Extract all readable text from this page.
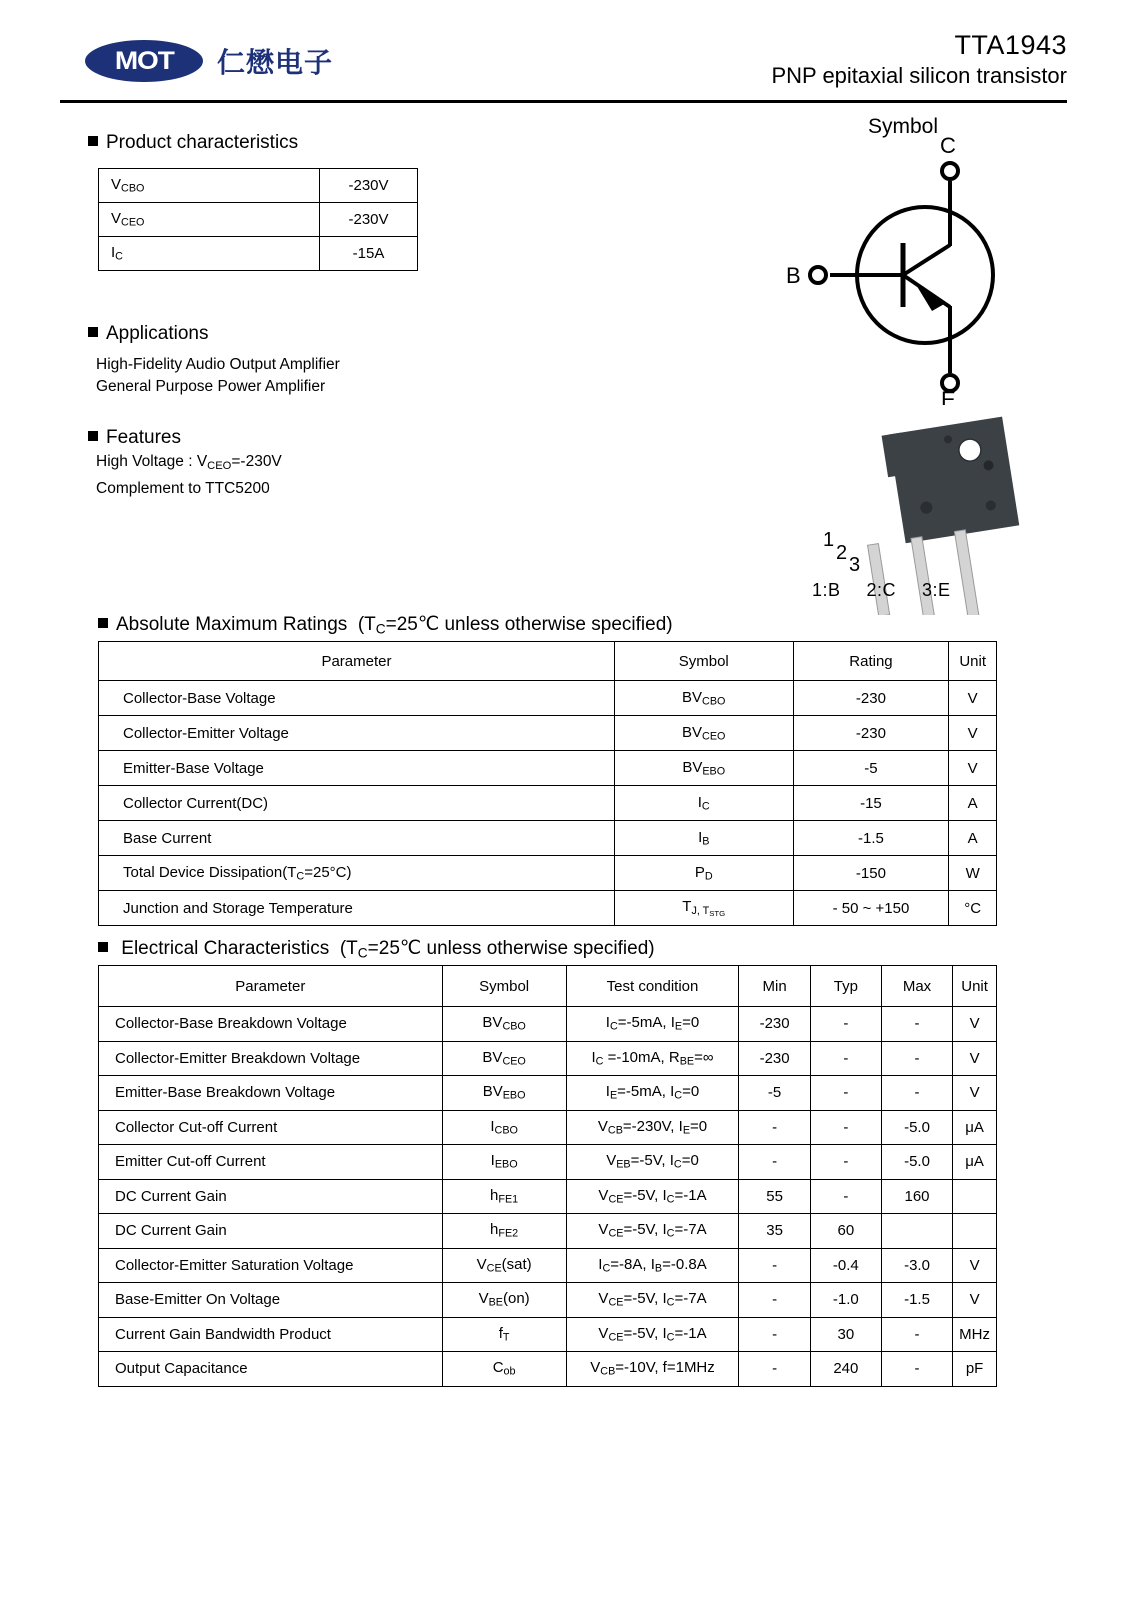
MOT 仁懋电子
TTA1943
PNP epitaxial silicon transistor
Product characteristics
$V_{CBO}$	-230V
$V_{CEO}$	-230V
$I_C$	-15A
Applications
High-Fidelity Audio Output Amplifier
General Purpose Power Amplifier
Features
High Voltage : $V_{CEO}=-230V$
Complement to TTC5200
Symbol
B
C
E
1
2
3
1:B 2:C 3:E
Absolute Maximum Ratings ($T_C=25℃$ unless otherwise specified)
Parameter	Symbol	Rating	Unit
Collector-Base Voltage	$BV_{CBO}$	-230	V
Collector-Emitter Voltage	$BV_{CEO}$	-230	V
Emitter-Base Voltage	$BV_{EBO}$	-5	V
Collector Current(DC)	$I_C$	-15	A
Base Current	$I_B$	-1.5	A
Total Device $Dissipation(T_C=25^\circ C)$	$P_D$	-150	W
Junction and Storage Temperature	$T_{J, T_{STG}}$	- 50 ~ +150	°C
Electrical Characteristics ($T_C=25℃$ unless otherwise specified)
Parameter	Symbol	Test condition	Min	Typ	Max	Unit
Collector-Base Breakdown Voltage	$BV_{CBO}$	$I_C=-5mA$, $I_E=0$	-230	-	-	V
Collector-Emitter Breakdown Voltage	$BV_{CEO}$	$I_C =-10mA$, $R_{BE}=\infty$	-230	-	-	V
Emitter-Base Breakdown Voltage	$BV_{EBO}$	$I_E=-5mA$, $I_C=0$	-5	-	-	V
Collector Cut-off Current	$I_{CBO}$	$V_{CB}=-230V$, $I_E=0$	-	-	-5.0	μA
Emitter Cut-off Current	$I_{EBO}$	$V_{EB}=-5V$, $I_C=0$	-	-	-5.0	μA
DC Current Gain	$h_{FE1}$	$V_{CE}=-5V$, $I_C=-1A$	55	-	160	
DC Current Gain	$h_{FE2}$	$V_{CE}=-5V$, $I_C=-7A$	35	60		
Collector-Emitter Saturation Voltage	$V_{CE}(sat)$	$I_C=-8A$, $I_B=-0.8A$	-	-0.4	-3.0	V
Base-Emitter On Voltage	$V_{BE}(on)$	$V_{CE}=-5V$, $I_C=-7A$	-	-1.0	-1.5	V
Current Gain Bandwidth Product	$f_T$	$V_{CE}=-5V$, $I_C=-1A$	-	30	-	MHz
Output Capacitance	$C_{ob}$	$V_{CB}=-10V$, f=1MHz	-	240	-	pF
